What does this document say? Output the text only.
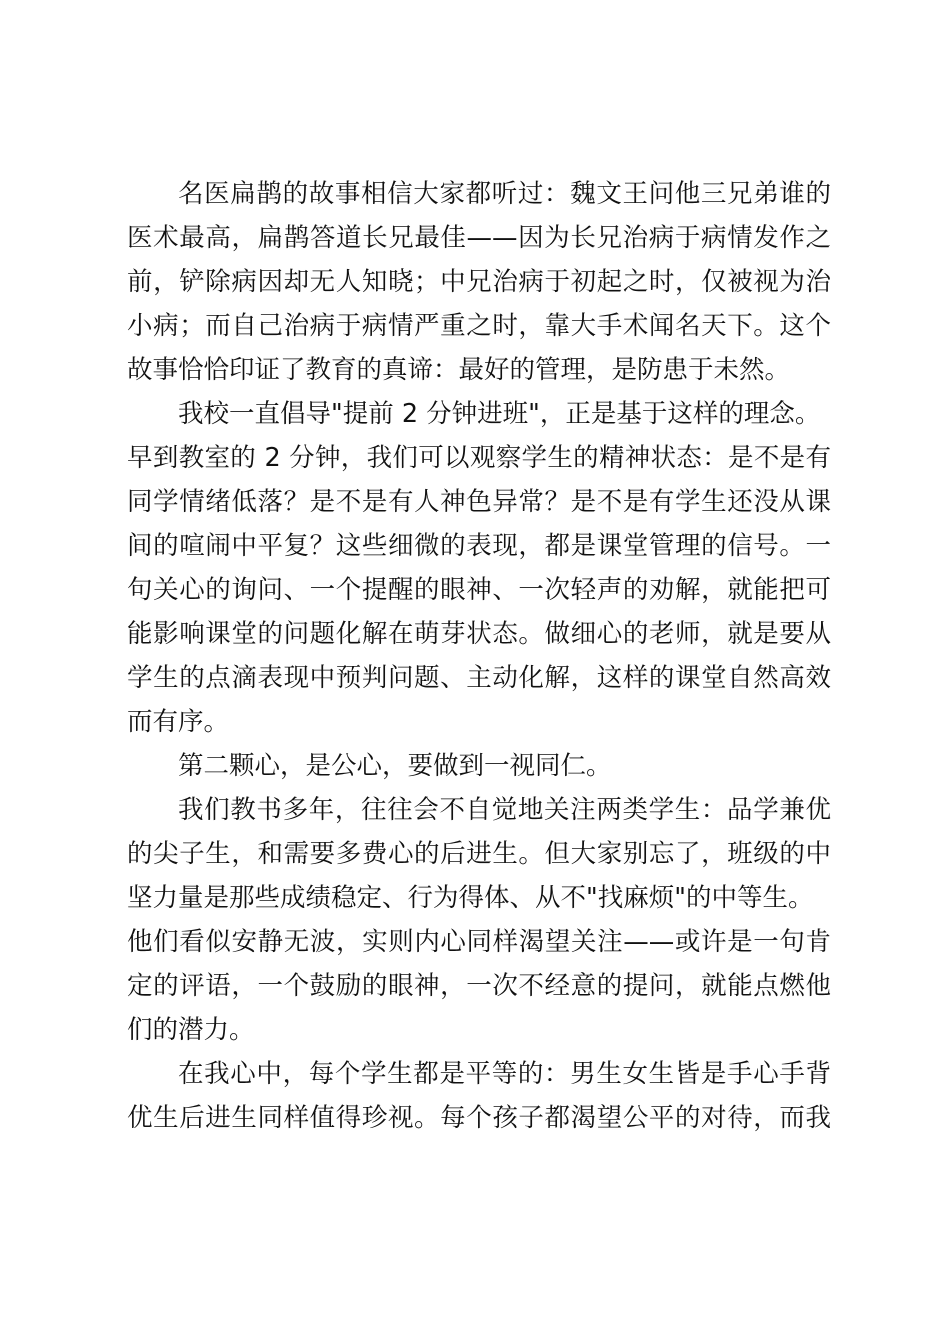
名医扁鹊的故事相信大家都听过：魏文王问他三兄弟谁的
医术最高，扁鹊答道长兄最佳——因为长兄治病于病情发作之
前，铲除病因却无人知晓；中兄治病于初起之时，仅被视为治
小病；而自己治病于病情严重之时，靠大手术闻名天下。这个
故事恰恰印证了教育的真谛：最好的管理，是防患于未然。
我校一直倡导"提前 2 分钟进班"，正是基于这样的理念。
早到教室的 2 分钟，我们可以观察学生的精神状态：是不是有
同学情绪低落？是不是有人神色异常？是不是有学生还没从课
间的喧闹中平复？这些细微的表现，都是课堂管理的信号。一
句关心的询问、一个提醒的眼神、一次轻声的劝解，就能把可
能影响课堂的问题化解在萌芽状态。做细心的老师，就是要从
学生的点滴表现中预判问题、主动化解，这样的课堂自然高效
而有序。
第二颗心，是公心，要做到一视同仁。
我们教书多年，往往会不自觉地关注两类学生：品学兼优
的尖子生，和需要多费心的后进生。但大家别忘了，班级的中
坚力量是那些成绩稳定、行为得体、从不"找麻烦"的中等生。
他们看似安静无波，实则内心同样渴望关注——或许是一句肯
定的评语，一个鼓励的眼神，一次不经意的提问，就能点燃他
们的潜力。
在我心中，每个学生都是平等的：男生女生皆是手心手背
优生后进生同样值得珍视。每个孩子都渴望公平的对待，而我
